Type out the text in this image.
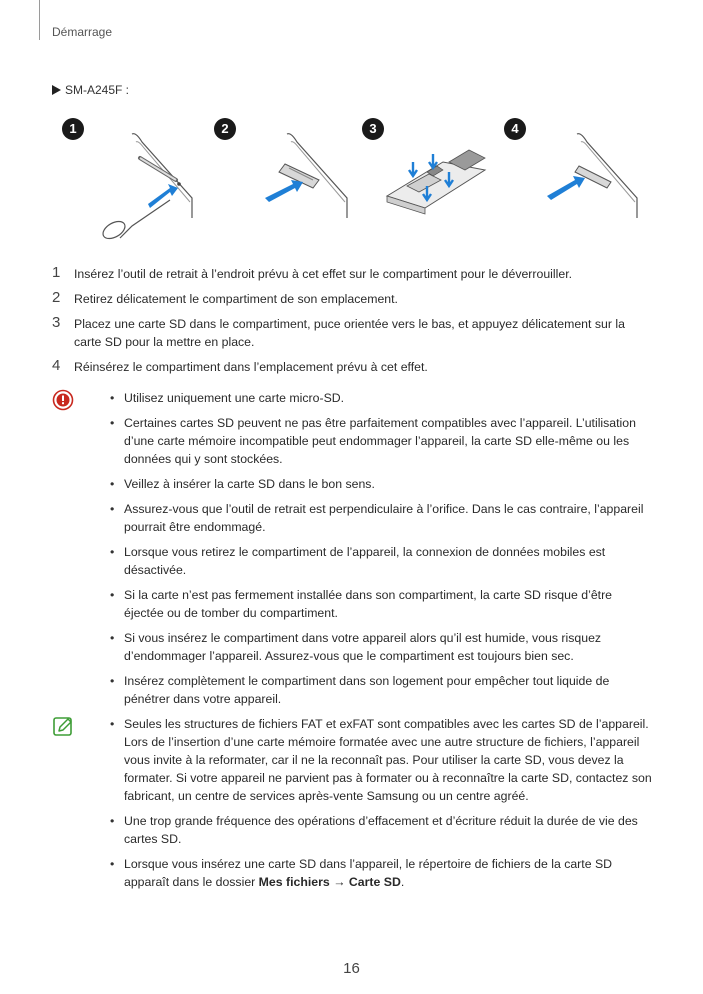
Démarrage
SM-A245F :
1	2	3	4
1 Insérez l’outil de retrait à l’endroit prévu à cet effet sur le compartiment pour le déverrouiller.
2 Retirez délicatement le compartiment de son emplacement.
3 Placez une carte SD dans le compartiment, puce orientée vers le bas, et appuyez délicatement sur la carte SD pour la mettre en place.
4 Réinsérez le compartiment dans l’emplacement prévu à cet effet.
• Utilisez uniquement une carte micro-SD.
• Certaines cartes SD peuvent ne pas être parfaitement compatibles avec l’appareil. L’utilisation d’une carte mémoire incompatible peut endommager l’appareil, la carte SD elle-même ou les données qui y sont stockées.
• Veillez à insérer la carte SD dans le bon sens.
• Assurez-vous que l’outil de retrait est perpendiculaire à l’orifice. Dans le cas contraire, l’appareil pourrait être endommagé.
• Lorsque vous retirez le compartiment de l’appareil, la connexion de données mobiles est désactivée.
• Si la carte n’est pas fermement installée dans son compartiment, la carte SD risque d’être éjectée ou de tomber du compartiment.
• Si vous insérez le compartiment dans votre appareil alors qu’il est humide, vous risquez d’endommager l’appareil. Assurez-vous que le compartiment est toujours bien sec.
• Insérez complètement le compartiment dans son logement pour empêcher tout liquide de pénétrer dans votre appareil.
• Seules les structures de fichiers FAT et exFAT sont compatibles avec les cartes SD de l’appareil. Lors de l’insertion d’une carte mémoire formatée avec une autre structure de fichiers, l’appareil vous invite à la reformater, car il ne la reconnaît pas. Pour utiliser la carte SD, vous devez la formater. Si votre appareil ne parvient pas à formater ou à reconnaître la carte SD, contactez son fabricant, un centre de services après-vente Samsung ou un centre agréé.
• Une trop grande fréquence des opérations d’effacement et d’écriture réduit la durée de vie des cartes SD.
• Lorsque vous insérez une carte SD dans l’appareil, le répertoire de fichiers de la carte SD apparaît dans le dossier Mes fichiers → Carte SD.
16
